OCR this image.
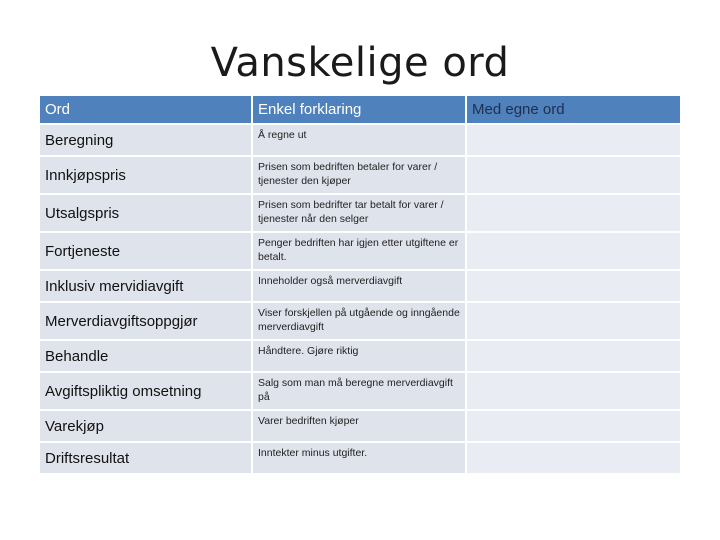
Vanskelige ord
Ord	Enkel forklaring	Med egne ord
Beregning	Å regne ut	
Innkjøpspris	Prisen som bedriften betaler for varer / tjenester den kjøper	
Utsalgspris	Prisen som bedrifter tar betalt for varer / tjenester når den selger	
Fortjeneste	Penger bedriften har igjen etter utgiftene er betalt.	
Inklusiv mervidiavgift	Inneholder også merverdiavgift	
Merverdiavgiftsoppgjør	Viser forskjellen på utgående og inngående merverdiavgift	
Behandle	Håndtere. Gjøre riktig	
Avgiftspliktig omsetning	Salg som man må beregne merverdiavgift på	
Varekjøp	Varer bedriften kjøper	
Driftsresultat	Inntekter minus utgifter.	
